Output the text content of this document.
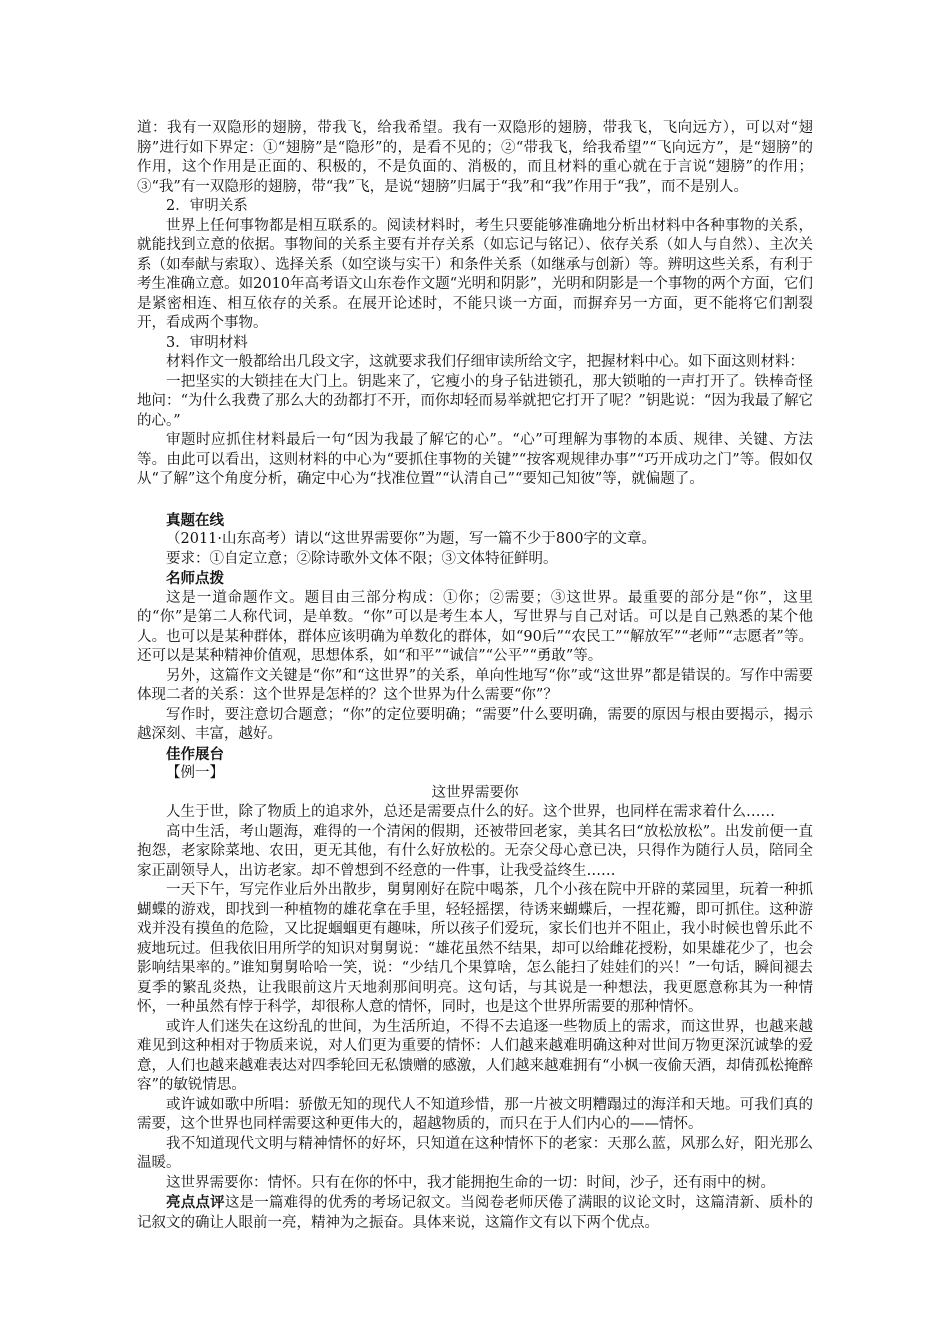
道：我有一双隐形的翅膀，带我飞，给我希望。我有一双隐形的翅膀，带我飞，飞向远方），可以对“翅膀”进行如下界定：①“翅膀”是“隐形”的，是看不见的；②“带我飞，给我希望”“飞向远方”，是“翅膀”的作用，这个作用是正面的、积极的，不是负面的、消极的，而且材料的重心就在于言说“翅膀”的作用；③“我”有一双隐形的翅膀，带“我”飞，是说“翅膀”归属于“我”和“我”作用于“我”，而不是别人。

2．审明关系

世界上任何事物都是相互联系的。阅读材料时，考生只要能够准确地分析出材料中各种事物的关系，就能找到立意的依据。事物间的关系主要有并存关系（如忘记与铭记）、依存关系（如人与自然）、主次关系（如奉献与索取）、选择关系（如空谈与实干）和条件关系（如继承与创新）等。辨明这些关系，有利于考生准确立意。如2010年高考语文山东卷作文题“光明和阴影”，光明和阴影是一个事物的两个方面，它们是紧密相连、相互依存的关系。在展开论述时，不能只谈一方面，而摒弃另一方面，更不能将它们割裂开，看成两个事物。

3．审明材料

材料作文一般都给出几段文字，这就要求我们仔细审读所给文字，把握材料中心。如下面这则材料：

一把坚实的大锁挂在大门上。钥匙来了，它瘦小的身子钻进锁孔，那大锁啪的一声打开了。铁棒奇怪地问：“为什么我费了那么大的劲都打不开，而你却轻而易举就把它打开了呢？”钥匙说：“因为我最了解它的心。”

审题时应抓住材料最后一句“因为我最了解它的心”。“心”可理解为事物的本质、规律、关键、方法等。由此可以看出，这则材料的中心为“要抓住事物的关键”“按客观规律办事”“巧开成功之门”等。假如仅从“了解”这个角度分析，确定中心为“找准位置”“认清自己”“要知己知彼”等，就偏题了。

真题在线

（2011·山东高考）请以“这世界需要你”为题，写一篇不少于800字的文章。

要求：①自定立意；②除诗歌外文体不限；③文体特征鲜明。

名师点拨

这是一道命题作文。题目由三部分构成：①你；②需要；③这世界。最重要的部分是“你”，这里的“你”是第二人称代词，是单数。“你”可以是考生本人，写世界与自己对话。可以是自己熟悉的某个他人。也可以是某种群体，群体应该明确为单数化的群体，如“90后”“农民工”“解放军”“老师”“志愿者”等。还可以是某种精神价值观，思想体系，如“和平”“诚信”“公平”“勇敢”等。

另外，这篇作文关键是“你”和“这世界”的关系，单向性地写“你”或“这世界”都是错误的。写作中需要体现二者的关系：这个世界是怎样的？这个世界为什么需要“你”？

写作时，要注意切合题意；“你”的定位要明确；“需要”什么要明确，需要的原因与根由要揭示，揭示越深刻、丰富，越好。

佳作展台

【例一】

这世界需要你

人生于世，除了物质上的追求外，总还是需要点什么的好。这个世界，也同样在需求着什么……

高中生活，考山题海，难得的一个清闲的假期，还被带回老家，美其名曰“放松放松”。出发前便一直抱怨，老家除菜地、农田，更无其他，有什么好放松的。无奈父母心意已决，只得作为随行人员，陪同全家正副领导人，出访老家。却不曾想到不经意的一件事，让我受益终生……

一天下午，写完作业后外出散步，舅舅刚好在院中喝茶，几个小孩在院中开辟的菜园里，玩着一种抓蝴蝶的游戏，即找到一种植物的雄花拿在手里，轻轻摇摆，待诱来蝴蝶后，一捏花瓣，即可抓住。这种游戏并没有摸鱼的危险，又比捉蝈蝈更有趣味，所以孩子们爱玩，家长们也并不阻止，我小时候也曾乐此不疲地玩过。但我依旧用所学的知识对舅舅说：“雄花虽然不结果，却可以给雌花授粉，如果雄花少了，也会影响结果率的。”谁知舅舅哈哈一笑，说：“少结几个果算啥，怎么能扫了娃娃们的兴！”一句话，瞬间褪去夏季的繁乱炎热，让我眼前这片天地刹那间明亮。这句话，与其说是一种想法，我更愿意称其为一种情怀，一种虽然有悖于科学，却很称人意的情怀，同时，也是这个世界所需要的那种情怀。

或许人们迷失在这纷乱的世间，为生活所迫，不得不去追逐一些物质上的需求，而这世界，也越来越难见到这种相对于物质来说，对人们更为重要的情怀：人们越来越难明确这种对世间万物更深沉诚挚的爱意，人们也越来越难表达对四季轮回无私馈赠的感激，人们越来越难拥有“小枫一夜偷天酒，却倩孤松掩醉容”的敏锐情思。

或许诚如歌中所唱：骄傲无知的现代人不知道珍惜，那一片被文明糟蹋过的海洋和天地。可我们真的需要，这个世界也同样需要这种更伟大的，超越物质的，而只在于人们内心的——情怀。

我不知道现代文明与精神情怀的好坏，只知道在这种情怀下的老家：天那么蓝，风那么好，阳光那么温暖。

这世界需要你：情怀。只有在你的怀中，我才能拥抱生命的一切：时间，沙子，还有雨中的树。

亮点点评这是一篇难得的优秀的考场记叙文。当阅卷老师厌倦了满眼的议论文时，这篇清新、质朴的记叙文的确让人眼前一亮，精神为之振奋。具体来说，这篇作文有以下两个优点。
